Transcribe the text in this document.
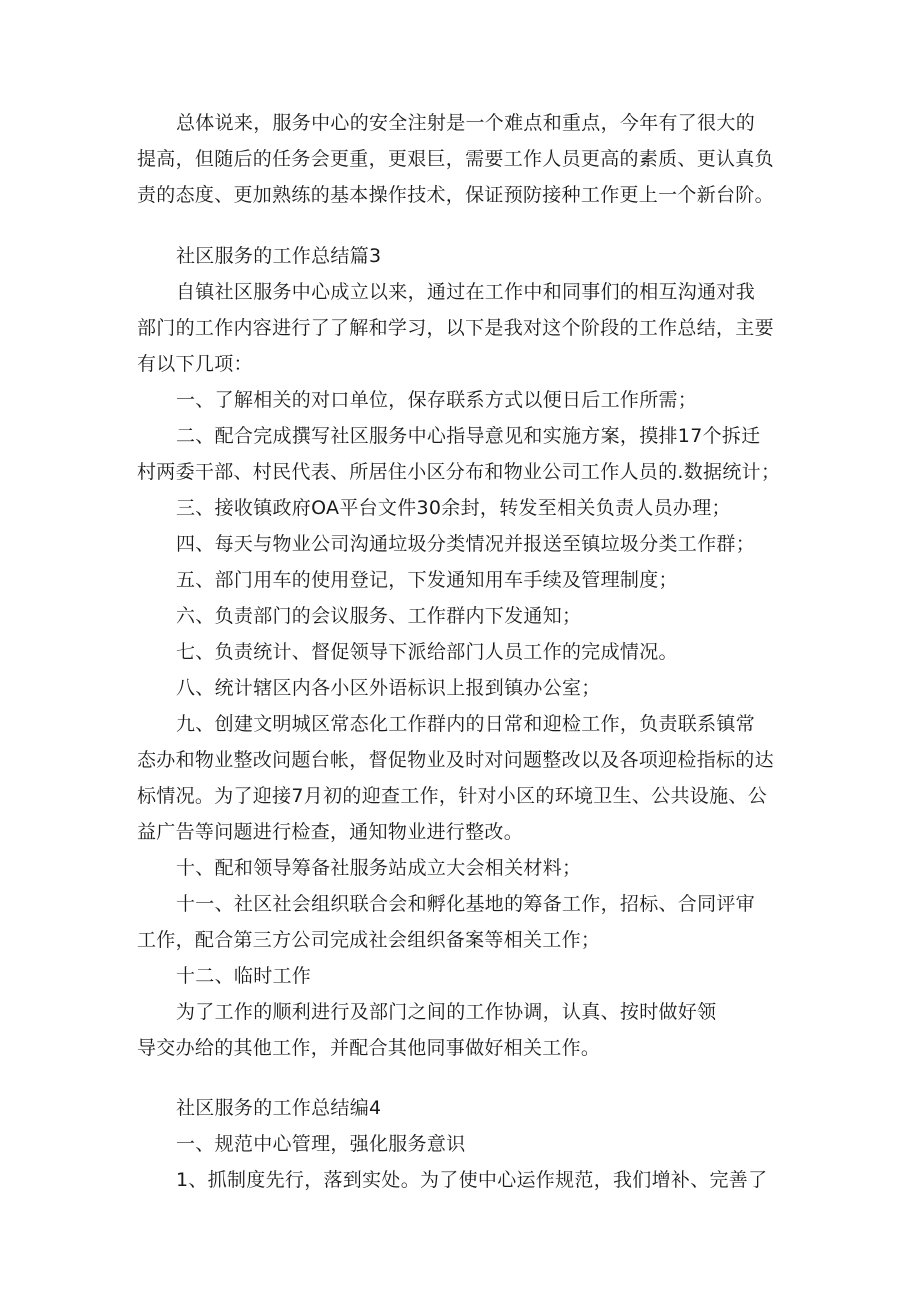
总体说来，服务中心的安全注射是一个难点和重点，今年有了很大的
提高，但随后的任务会更重，更艰巨，需要工作人员更高的素质、更认真负
责的态度、更加熟练的基本操作技术，保证预防接种工作更上一个新台阶。
社区服务的工作总结篇3
自镇社区服务中心成立以来，通过在工作中和同事们的相互沟通对我
部门的工作内容进行了了解和学习，以下是我对这个阶段的工作总结，主要
有以下几项：
一、了解相关的对口单位，保存联系方式以便日后工作所需；
二、配合完成撰写社区服务中心指导意见和实施方案，摸排17个拆迁
村两委干部、村民代表、所居住小区分布和物业公司工作人员的.数据统计；
三、接收镇政府OA平台文件30余封，转发至相关负责人员办理；
四、每天与物业公司沟通垃圾分类情况并报送至镇垃圾分类工作群；
五、部门用车的使用登记，下发通知用车手续及管理制度；
六、负责部门的会议服务、工作群内下发通知；
七、负责统计、督促领导下派给部门人员工作的完成情况。
八、统计辖区内各小区外语标识上报到镇办公室；
九、创建文明城区常态化工作群内的日常和迎检工作，负责联系镇常
态办和物业整改问题台帐，督促物业及时对问题整改以及各项迎检指标的达
标情况。为了迎接7月初的迎查工作，针对小区的环境卫生、公共设施、公
益广告等问题进行检查，通知物业进行整改。
十、配和领导筹备社服务站成立大会相关材料；
十一、社区社会组织联合会和孵化基地的筹备工作，招标、合同评审
工作，配合第三方公司完成社会组织备案等相关工作；
十二、临时工作
为了工作的顺利进行及部门之间的工作协调，认真、按时做好领
导交办给的其他工作，并配合其他同事做好相关工作。
社区服务的工作总结编4
一、规范中心管理，强化服务意识
1、抓制度先行，落到实处。为了使中心运作规范，我们增补、完善了
